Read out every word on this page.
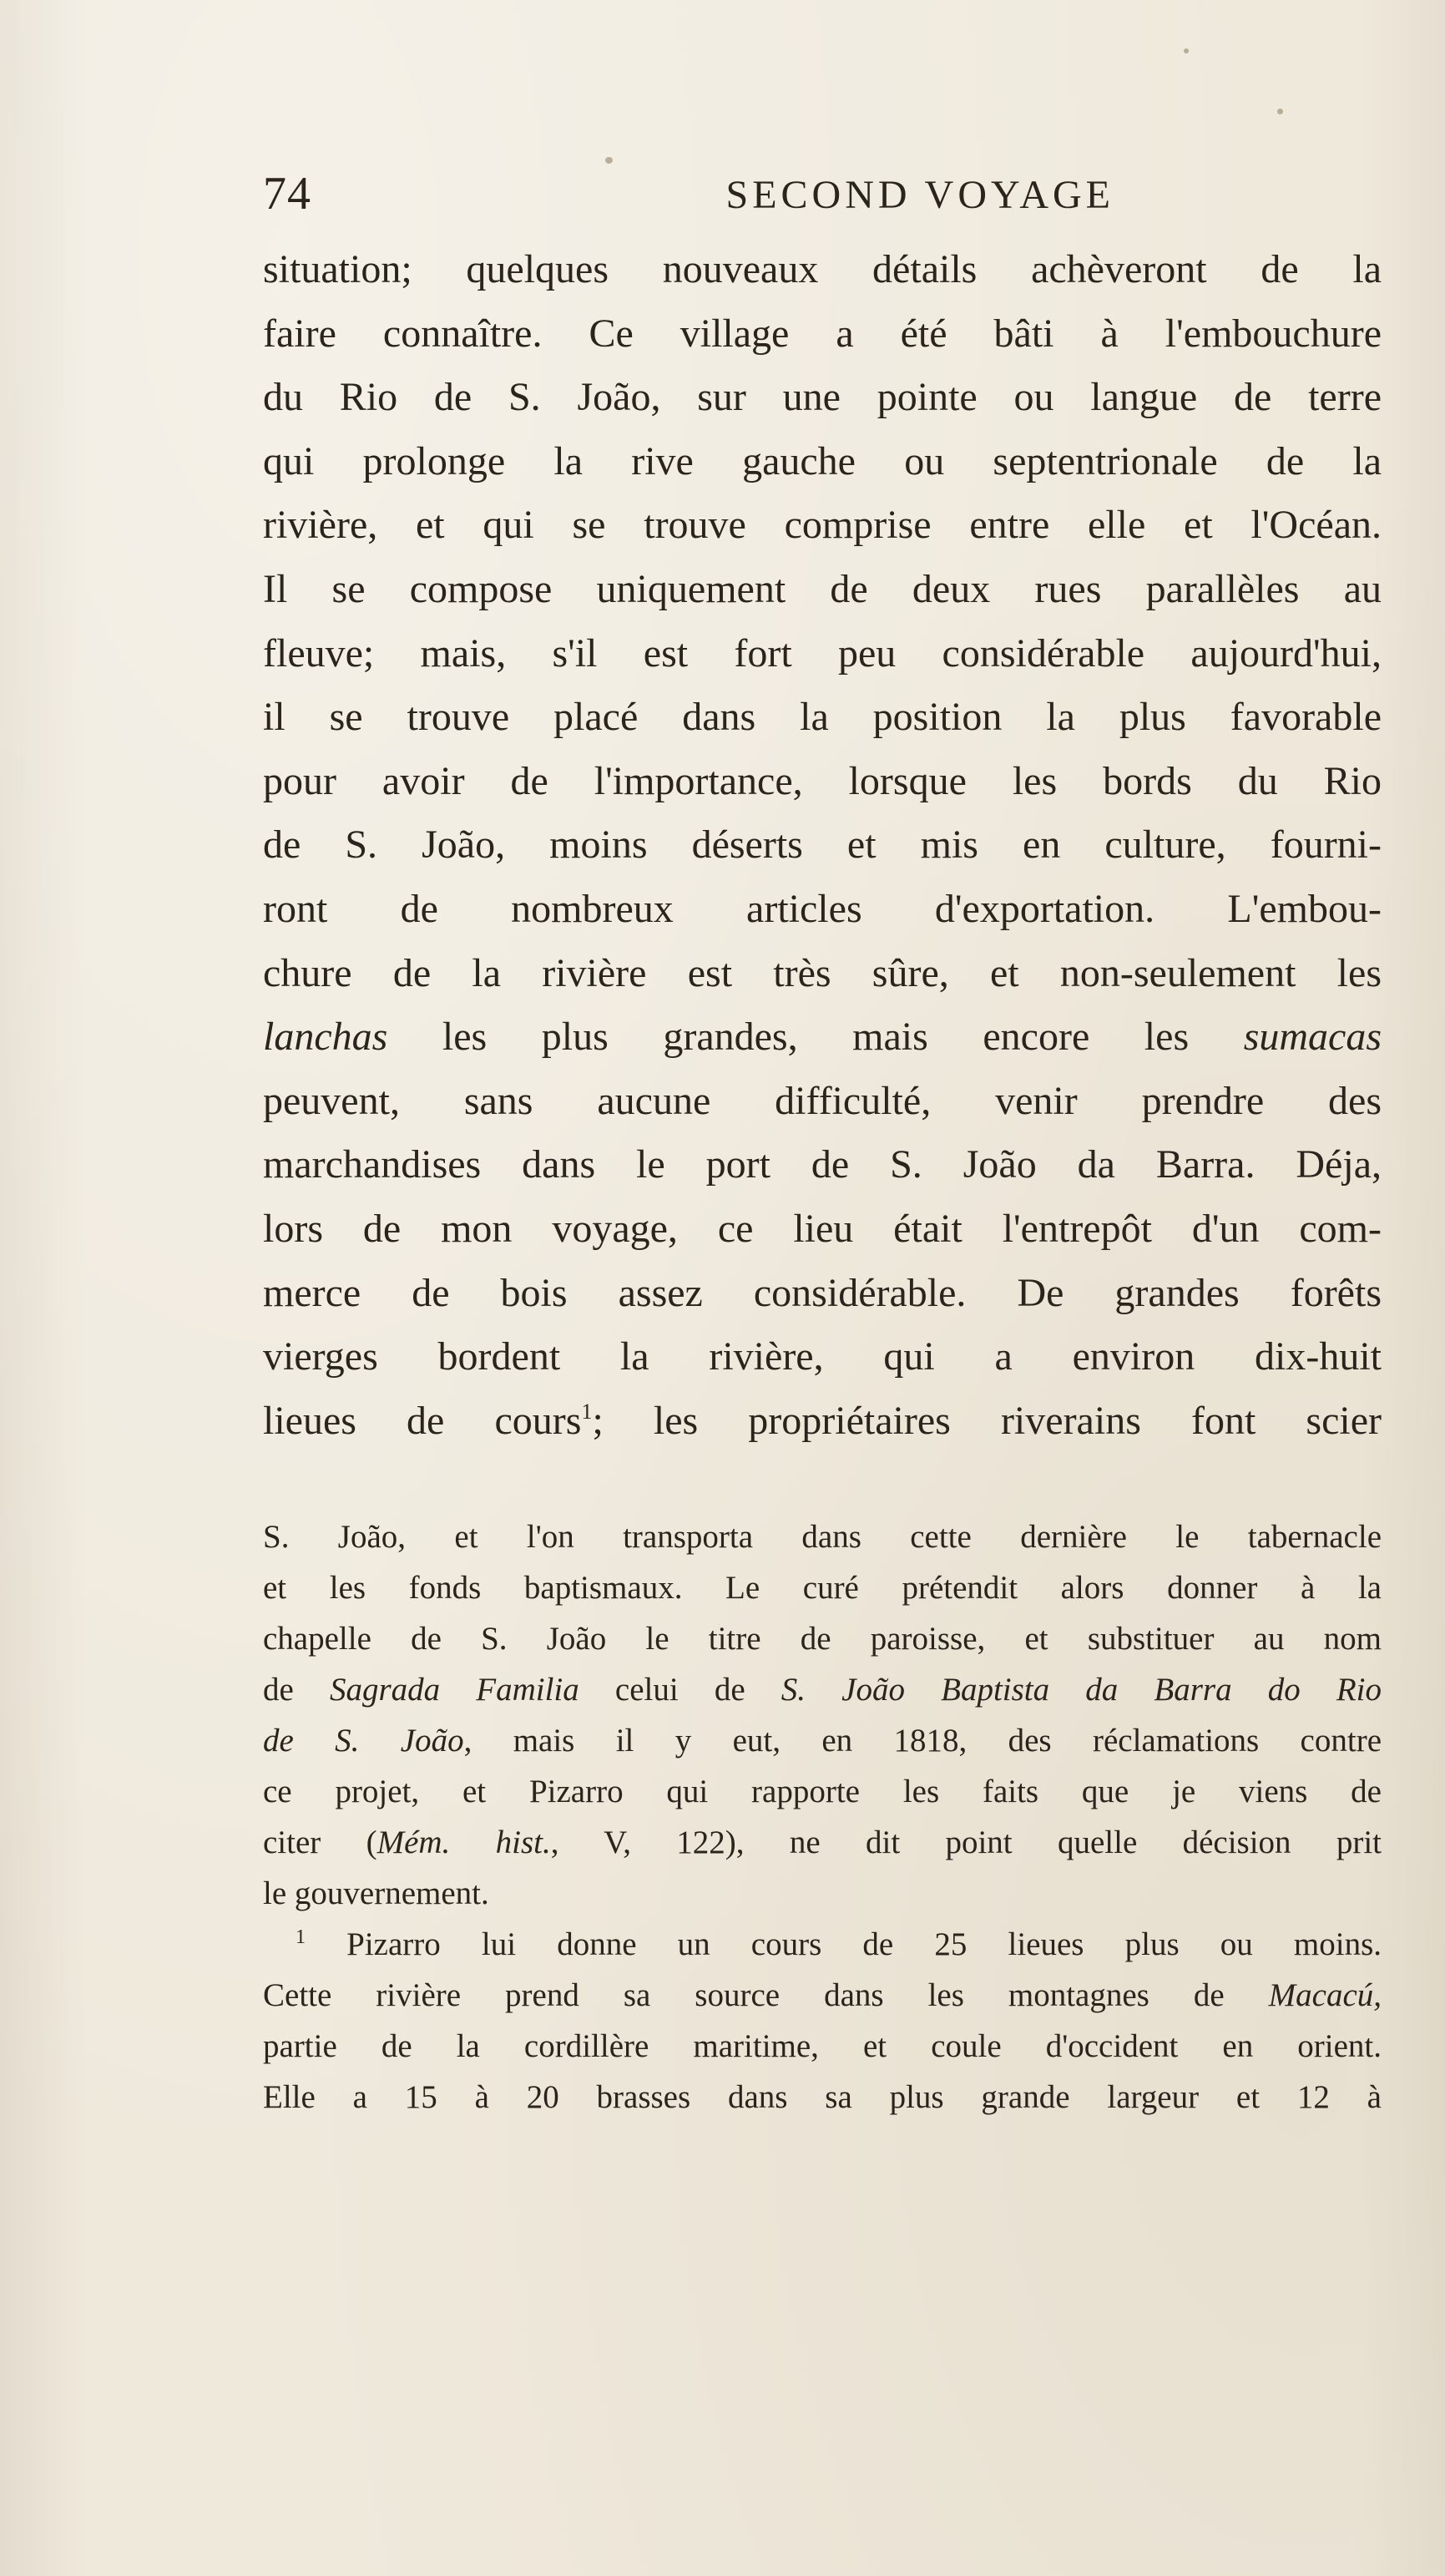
74	SECOND VOYAGE
situation; quelques nouveaux détails achèveront de la
faire connaître. Ce village a été bâti à l'embouchure
du Rio de S. João, sur une pointe ou langue de terre
qui prolonge la rive gauche ou septentrionale de la
rivière, et qui se trouve comprise entre elle et l'Océan.
Il se compose uniquement de deux rues parallèles au
fleuve; mais, s'il est fort peu considérable aujourd'hui,
il se trouve placé dans la position la plus favorable
pour avoir de l'importance, lorsque les bords du Rio
de S. João, moins déserts et mis en culture, fourni-
ront de nombreux articles d'exportation. L'embou-
chure de la rivière est très sûre, et non-seulement les
lanchas les plus grandes, mais encore les sumacas
peuvent, sans aucune difficulté, venir prendre des
marchandises dans le port de S. João da Barra. Déja,
lors de mon voyage, ce lieu était l'entrepôt d'un com-
merce de bois assez considérable. De grandes forêts
vierges bordent la rivière, qui a environ dix-huit
lieues de cours$^1$; les propriétaires riverains font scier
S. João, et l'on transporta dans cette dernière le tabernacle
et les fonds baptismaux. Le curé prétendit alors donner à la
chapelle de S. João le titre de paroisse, et substituer au nom
de Sagrada Familia celui de S. João Baptista da Barra do Rio
de S. João, mais il y eut, en 1818, des réclamations contre
ce projet, et Pizarro qui rapporte les faits que je viens de
citer (Mém. hist., V, 122), ne dit point quelle décision prit
le gouvernement.
 $^1$ Pizarro lui donne un cours de 25 lieues plus ou moins.
Cette rivière prend sa source dans les montagnes de Macacú,
partie de la cordillère maritime, et coule d'occident en orient.
Elle a 15 à 20 brasses dans sa plus grande largeur et 12 à
